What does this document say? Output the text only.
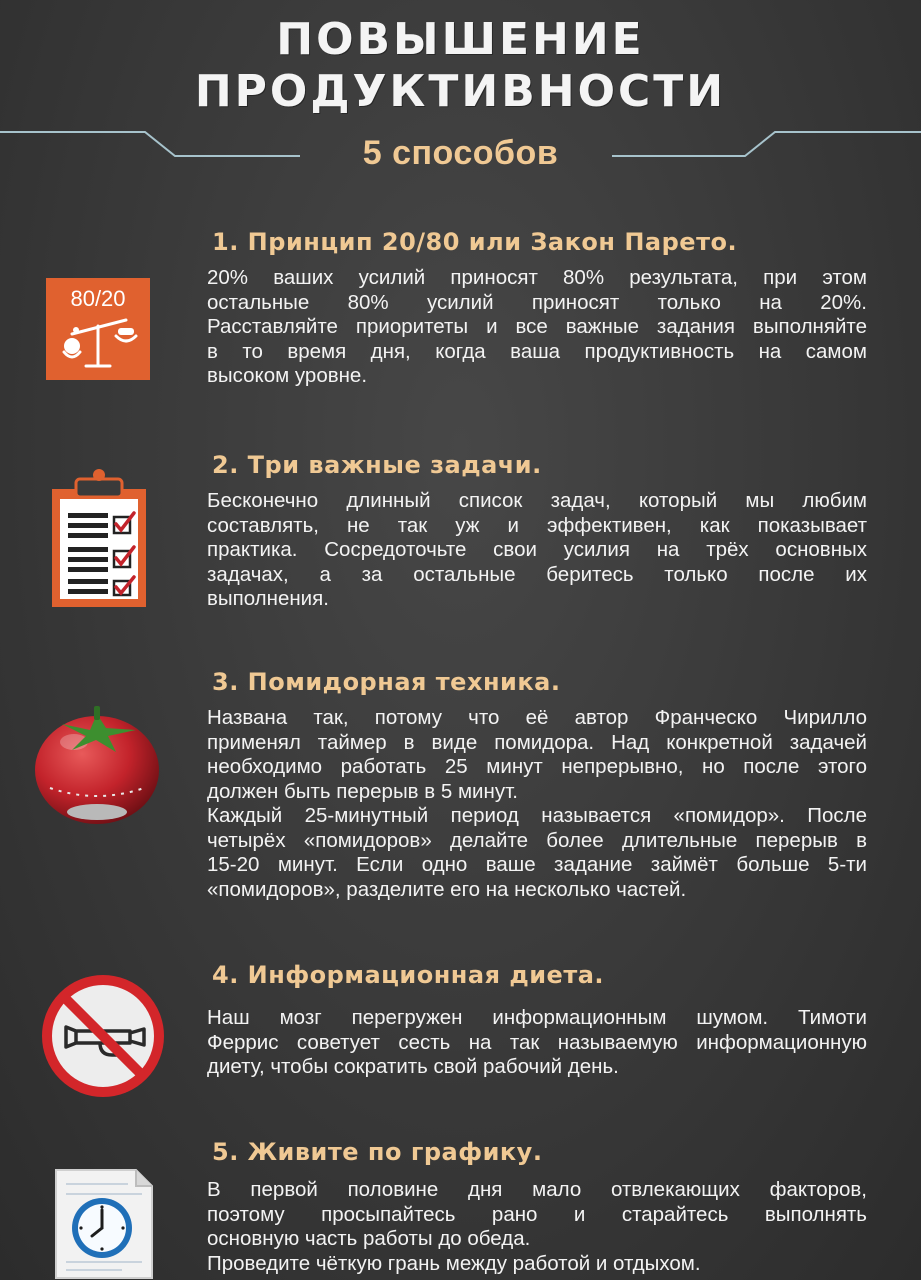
ПОВЫШЕНИЕ
ПРОДУКТИВНОСТИ
5 способов
1. Принцип 20/80 или Закон Парето.
20% ваших усилий приносят 80% результата, при этом
остальные 80% усилий приносят только на 20%.
Расставляйте приоритеты и все важные задания выполняйте
в то время дня, когда ваша продуктивность на самом
высоком уровне.
80/20
2. Три важные задачи.
Бесконечно длинный список задач, который мы любим
составлять, не так уж и эффективен, как показывает
практика. Сосредоточьте свои усилия на трёх основных
задачах, а за остальные беритесь только после их
выполнения.
3. Помидорная техника.
Названа так, потому что её автор Франческо Чирилло
применял таймер в виде помидора. Над конкретной задачей
необходимо работать 25 минут непрерывно, но после этого
должен быть перерыв в 5 минут.
Каждый 25-минутный период называется «помидор». После
четырёх «помидоров» делайте более длительные перерыв в
15-20 минут. Если одно ваше задание займёт больше 5-ти
«помидоров», разделите его на несколько частей.
4. Информационная диета.
Наш мозг перегружен информационным шумом. Тимоти
Феррис советует сесть на так называемую информационную
диету, чтобы сократить свой рабочий день.
5. Живите по графику.
В первой половине дня мало отвлекающих факторов,
поэтому просыпайтесь рано и старайтесь выполнять
основную часть работы до обеда.
Проведите чёткую грань между работой и отдыхом.
